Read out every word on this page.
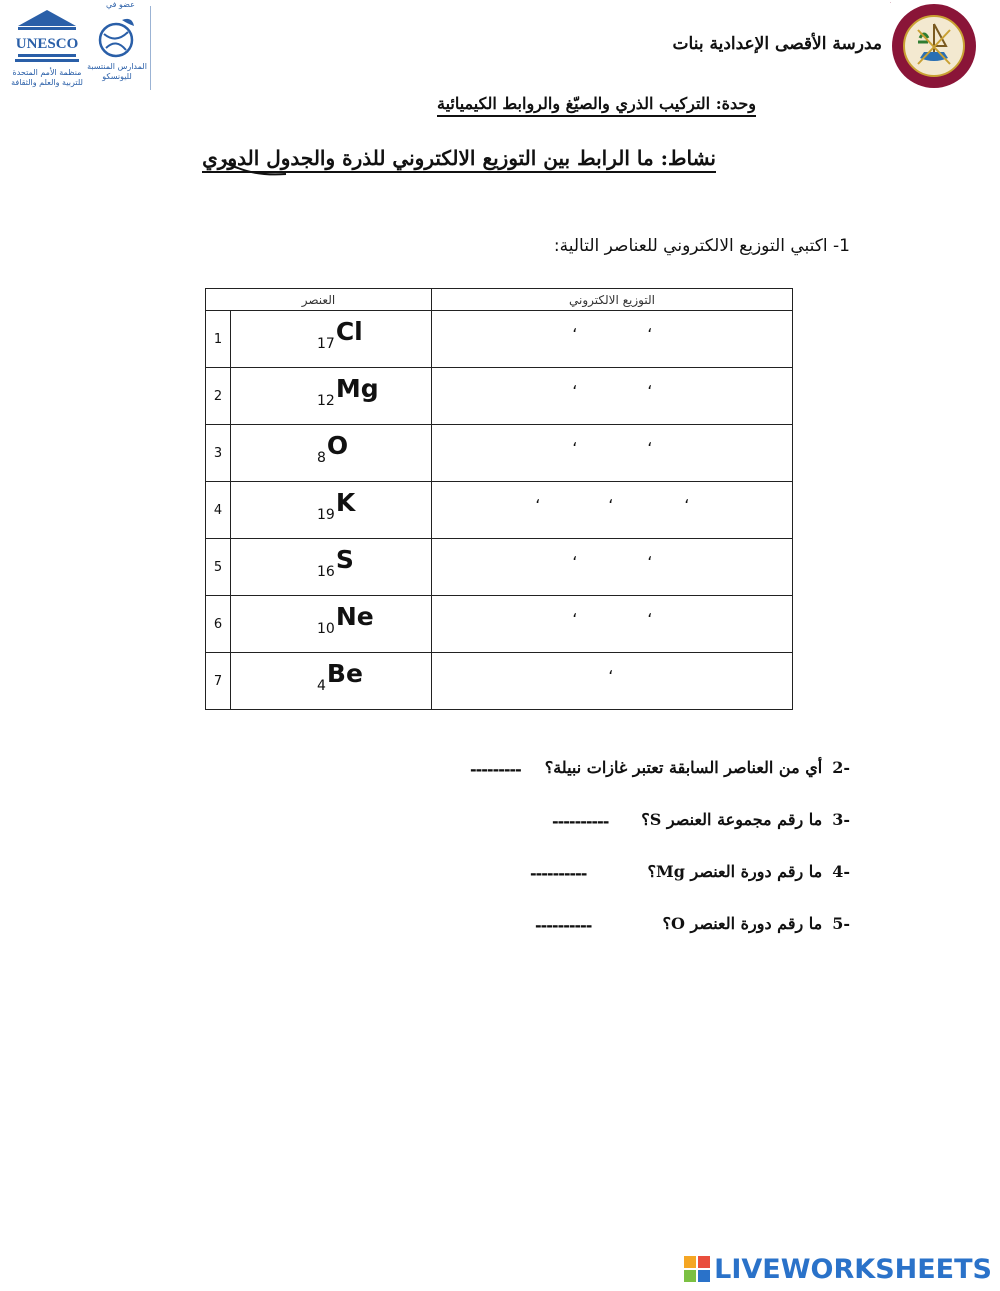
UNESCO
منظمة الأمم المتحدة للتربية والعلم والثقافة
عضو في
المدارس المنتسبة لليونسكو
مدرسة الأقصى الإعدادية بنات
دولة
وحدة: التركيب الذري والصيّغ والروابط الكيميائية
نشاط: ما الرابط بين التوزيع الالكتروني للذرة والجدول الدوري
1- اكتبي التوزيع الالكتروني للعناصر التالية:
العنصر		التوزيع الالكتروني
1	$_{17}$Cl	، ،

2	$_{12}$Mg	، ،

3	$_8$O	، ،

4	$_{19}$K	، ، ،

5	$_{16}$S	، ،

6	$_{10}$Ne	، ،

7	$_4$Be	،
-2أي من العناصر السابقة تعتبر غازات نبيلة؟
---------
-3ما رقم مجموعة العنصر S؟
----------
-4ما رقم دورة العنصر Mg؟
----------
-5ما رقم دورة العنصر O؟
----------
LIVEWORKSHEETS
